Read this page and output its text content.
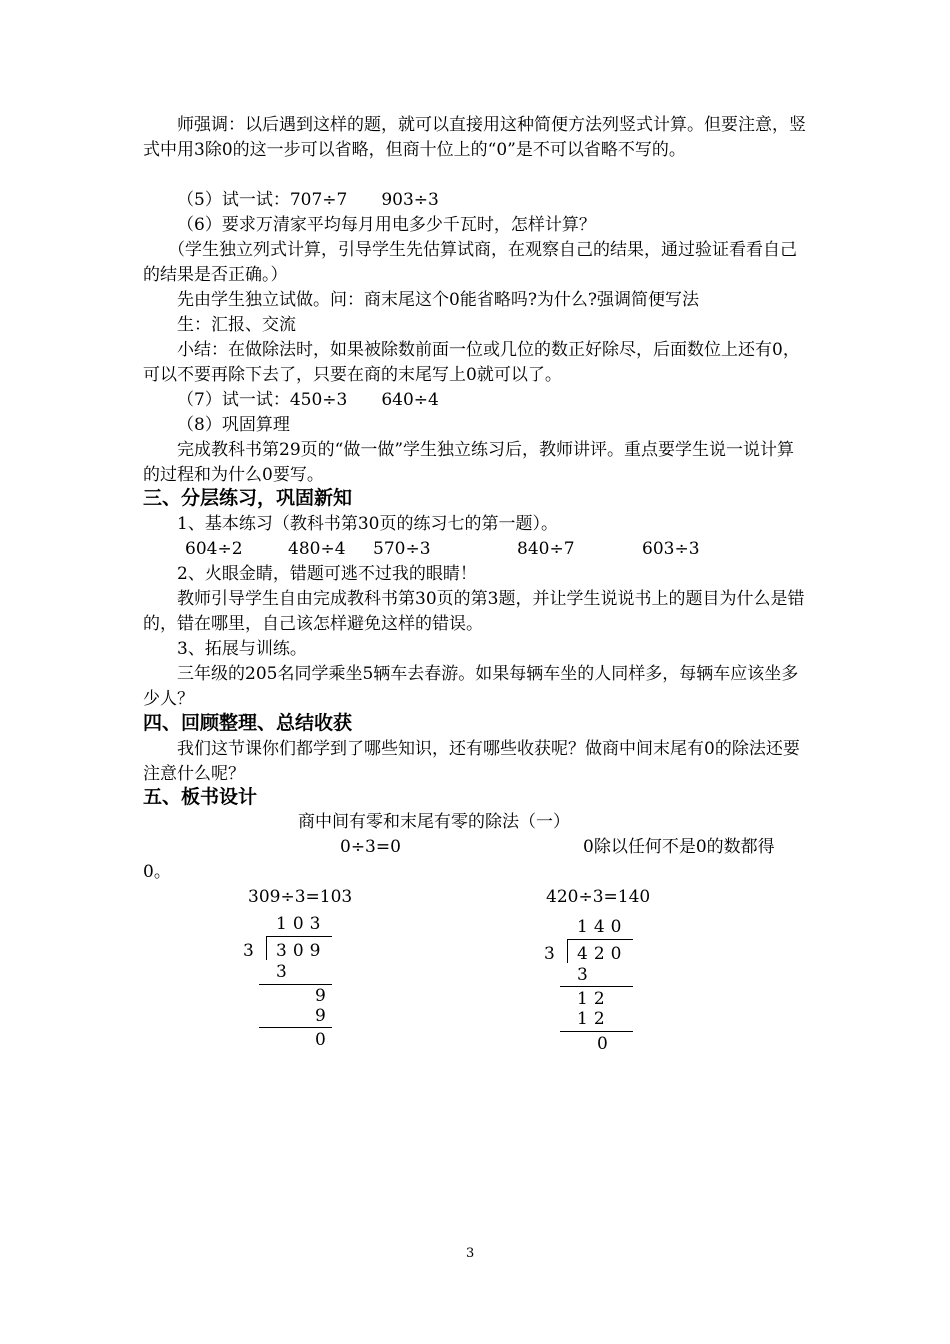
师强调：以后遇到这样的题，就可以直接用这种简便方法列竖式计算。但要注意，竖式中用3除0的这一步可以省略，但商十位上的“0”是不可以省略不写的。

（5）试一试：707÷7　　903÷3

（6）要求万清家平均每月用电多少千瓦时，怎样计算？

（学生独立列式计算，引导学生先估算试商，在观察自己的结果，通过验证看看自己的结果是否正确。）

先由学生独立试做。问：商末尾这个0能省略吗?为什么?强调简便写法

生：汇报、交流

小结：在做除法时，如果被除数前面一位或几位的数正好除尽，后面数位上还有0，可以不要再除下去了，只要在商的末尾写上0就可以了。

（7）试一试：450÷3　　640÷4

（8）巩固算理

完成教科书第29页的“做一做”学生独立练习后，教师讲评。重点要学生说一说计算的过程和为什么0要写。

三、分层练习，巩固新知

1、基本练习（教科书第30页的练习七的第一题）。

604÷2	480÷4 570÷3	840÷7	603÷3

2、火眼金睛，错题可逃不过我的眼睛！

教师引导学生自由完成教科书第30页的第3题，并让学生说说书上的题目为什么是错的，错在哪里，自己该怎样避免这样的错误。

3、拓展与训练。

三年级的205名同学乘坐5辆车去春游。如果每辆车坐的人同样多，每辆车应该坐多少人？

四、回顾整理、总结收获

我们这节课你们都学到了哪些知识，还有哪些收获呢？做商中间末尾有0的除法还要注意什么呢？

五、板书设计
商中间有零和末尾有零的除法（一）
0÷3=0	0除以任何不是0的数都得
0。
309÷3=103
103
3 309
3
9
9
0
420÷3=140
140
3 420
3
12
12
0
3
